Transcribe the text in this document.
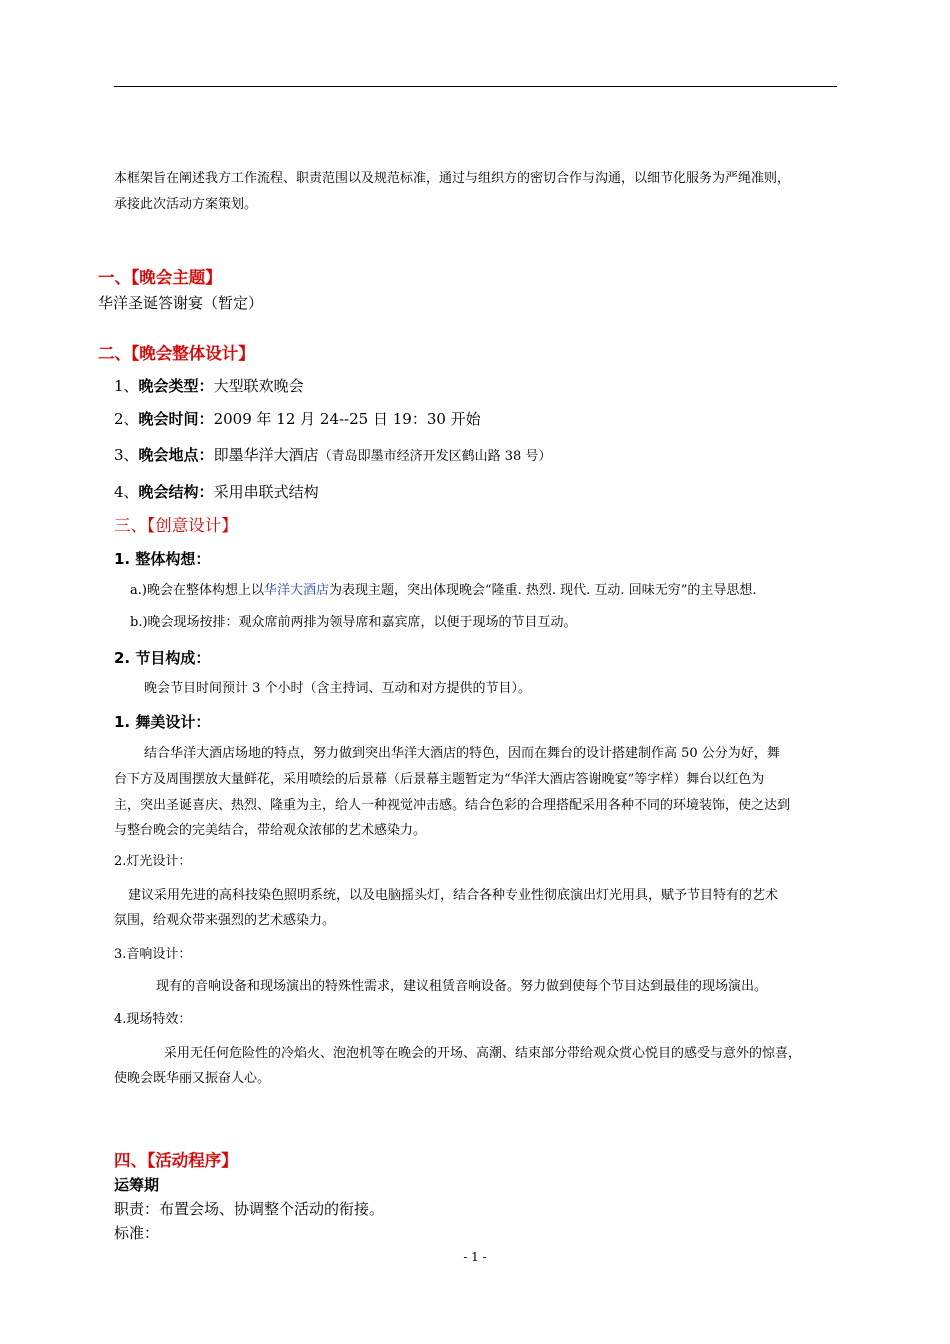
本框架旨在阐述我方工作流程、职责范围以及规范标准，通过与组织方的密切合作与沟通，以细节化服务为严绳准则，
承接此次活动方案策划。
一、【晚会主题】
华洋圣诞答谢宴（暂定）
二、【晚会整体设计】
1、晚会类型：大型联欢晚会
2、晚会时间：2009 年 12 月 24--25 日 19：30 开始
3、晚会地点：即墨华洋大酒店（青岛即墨市经济开发区鹤山路 38 号）
4、晚会结构：采用串联式结构
三、【创意设计】
1. 整体构想：
a.)晚会在整体构想上以华洋大酒店为表现主题，突出体现晚会“隆重. 热烈. 现代. 互动. 回味无穷”的主导思想.
b.)晚会现场按排：观众席前两排为领导席和嘉宾席，以便于现场的节目互动。
2. 节目构成：
晚会节目时间预计 3 个小时（含主持词、互动和对方提供的节目）。
1. 舞美设计：
结合华洋大酒店场地的特点，努力做到突出华洋大酒店的特色，因而在舞台的设计搭建制作高 50 公分为好，舞
台下方及周围摆放大量鲜花，采用喷绘的后景幕（后景幕主题暂定为“华洋大酒店答谢晚宴”等字样）舞台以红色为
主，突出圣诞喜庆、热烈、隆重为主，给人一种视觉冲击感。结合色彩的合理搭配采用各种不同的环境装饰，使之达到
与整台晚会的完美结合，带给观众浓郁的艺术感染力。
2.灯光设计：
建议采用先进的高科技染色照明系统，以及电脑摇头灯，结合各种专业性彻底演出灯光用具，赋予节目特有的艺术
氛围，给观众带来强烈的艺术感染力。
3.音响设计：
现有的音响设备和现场演出的特殊性需求，建议租赁音响设备。努力做到使每个节目达到最佳的现场演出。
4.现场特效：
采用无任何危险性的冷焰火、泡泡机等在晚会的开场、高潮、结束部分带给观众赏心悦目的感受与意外的惊喜，
使晚会既华丽又振奋人心。
四、【活动程序】
运筹期
职责：布置会场、协调整个活动的衔接。
标准：
- 1 -
